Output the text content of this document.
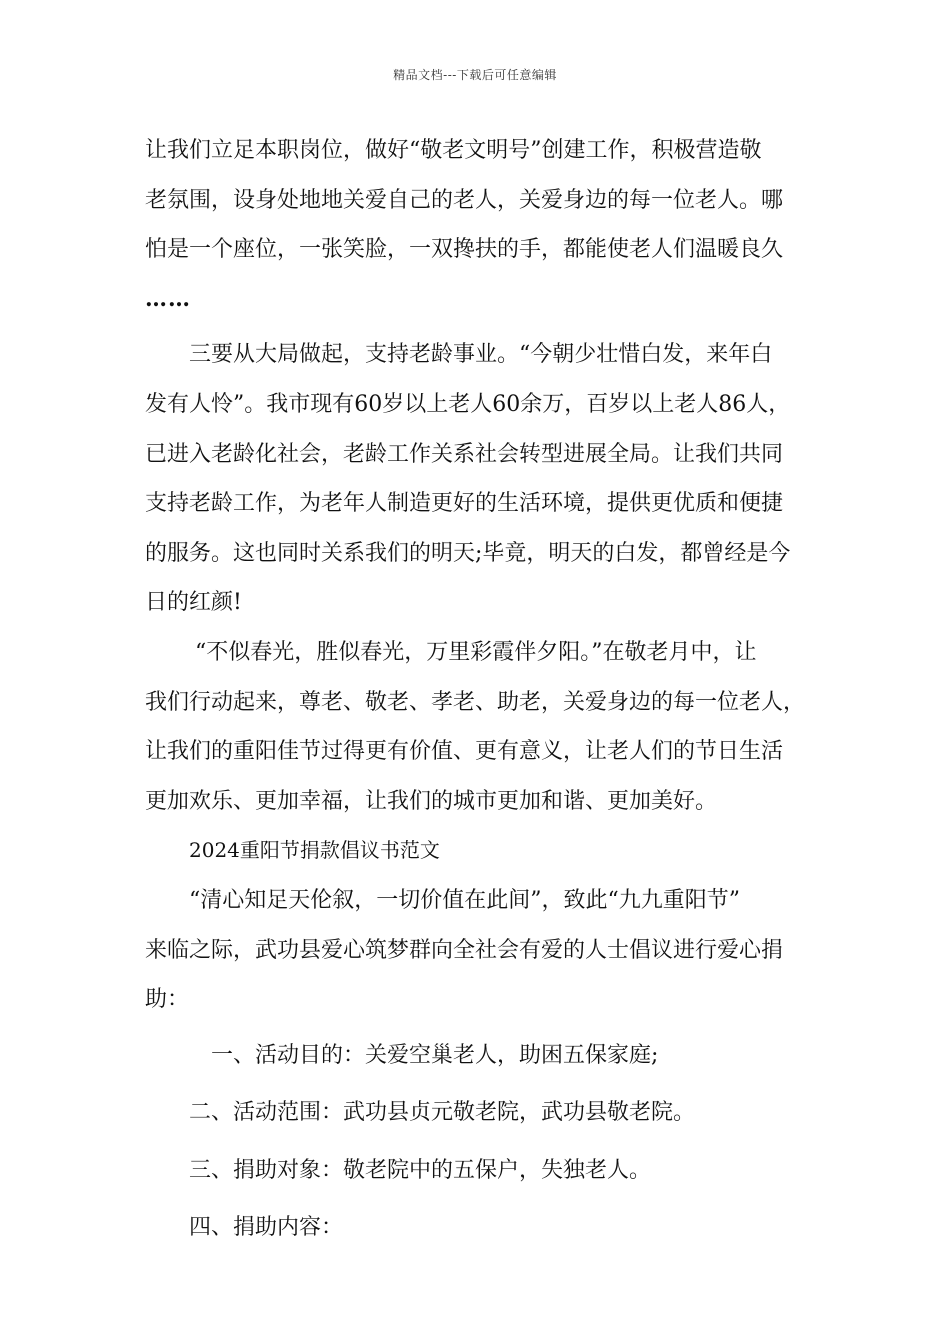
精品文档---下载后可任意编辑
让我们立足本职岗位，做好“敬老文明号”创建工作，积极营造敬
老氛围，设身处地地关爱自己的老人，关爱身边的每一位老人。哪
怕是一个座位，一张笑脸，一双搀扶的手，都能使老人们温暖良久
……
三要从大局做起，支持老龄事业。“今朝少壮惜白发，来年白
发有人怜”。我市现有60岁以上老人60余万，百岁以上老人86人，
已进入老龄化社会，老龄工作关系社会转型进展全局。让我们共同
支持老龄工作，为老年人制造更好的生活环境，提供更优质和便捷
的服务。这也同时关系我们的明天;毕竟，明天的白发，都曾经是今
日的红颜!
“不似春光，胜似春光，万里彩霞伴夕阳。”在敬老月中，让
我们行动起来，尊老、敬老、孝老、助老，关爱身边的每一位老人，
让我们的重阳佳节过得更有价值、更有意义，让老人们的节日生活
更加欢乐、更加幸福，让我们的城市更加和谐、更加美好。
2024重阳节捐款倡议书范文
“清心知足天伦叙，一切价值在此间”，致此“九九重阳节”
来临之际，武功县爱心筑梦群向全社会有爱的人士倡议进行爱心捐
助：
一、活动目的：关爱空巢老人，助困五保家庭;
二、活动范围：武功县贞元敬老院，武功县敬老院。
三、捐助对象：敬老院中的五保户，失独老人。
四、捐助内容：
